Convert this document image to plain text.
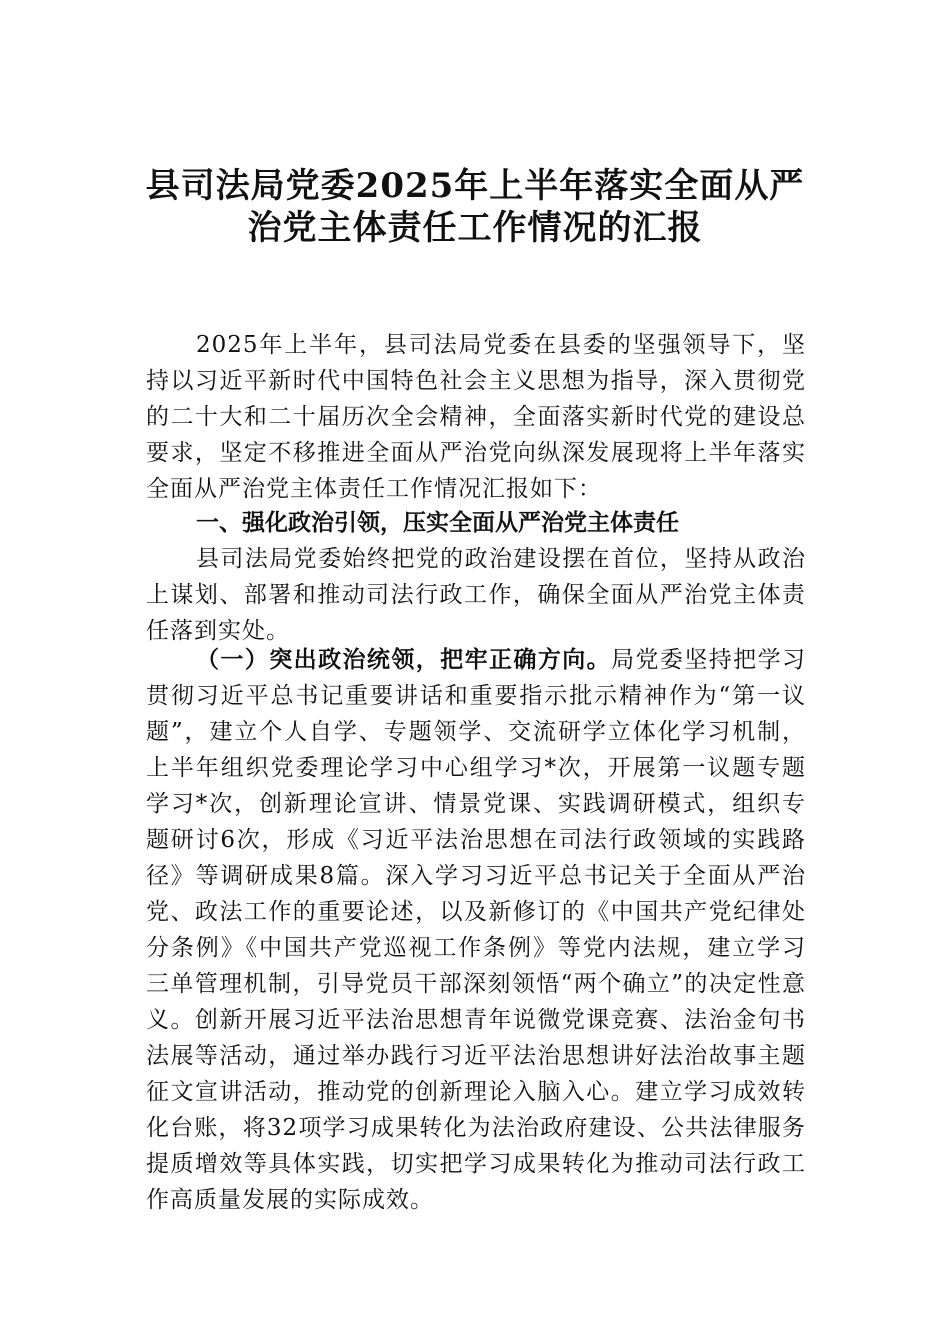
县司法局党委2025年上半年落实全面从严
治党主体责任工作情况的汇报
2025年上半年，县司法局党委在县委的坚强领导下，坚持以习近平新时代中国特色社会主义思想为指导，深入贯彻党的二十大和二十届历次全会精神，全面落实新时代党的建设总要求，坚定不移推进全面从严治党向纵深发展现将上半年落实全面从严治党主体责任工作情况汇报如下：
一、强化政治引领，压实全面从严治党主体责任
县司法局党委始终把党的政治建设摆在首位，坚持从政治上谋划、部署和推动司法行政工作，确保全面从严治党主体责任落到实处。
（一）突出政治统领，把牢正确方向。局党委坚持把学习贯彻习近平总书记重要讲话和重要指示批示精神作为“第一议题”，建立个人自学、专题领学、交流研学立体化学习机制，上半年组织党委理论学习中心组学习*次，开展第一议题专题学习*次，创新理论宣讲、情景党课、实践调研模式，组织专题研讨6次，形成《习近平法治思想在司法行政领域的实践路径》等调研成果8篇。深入学习习近平总书记关于全面从严治党、政法工作的重要论述，以及新修订的《中国共产党纪律处分条例》《中国共产党巡视工作条例》等党内法规，建立学习三单管理机制，引导党员干部深刻领悟“两个确立”的决定性意义。创新开展习近平法治思想青年说微党课竞赛、法治金句书法展等活动，通过举办践行习近平法治思想讲好法治故事主题征文宣讲活动，推动党的创新理论入脑入心。建立学习成效转化台账，将32项学习成果转化为法治政府建设、公共法律服务提质增效等具体实践，切实把学习成果转化为推动司法行政工作高质量发展的实际成效。
